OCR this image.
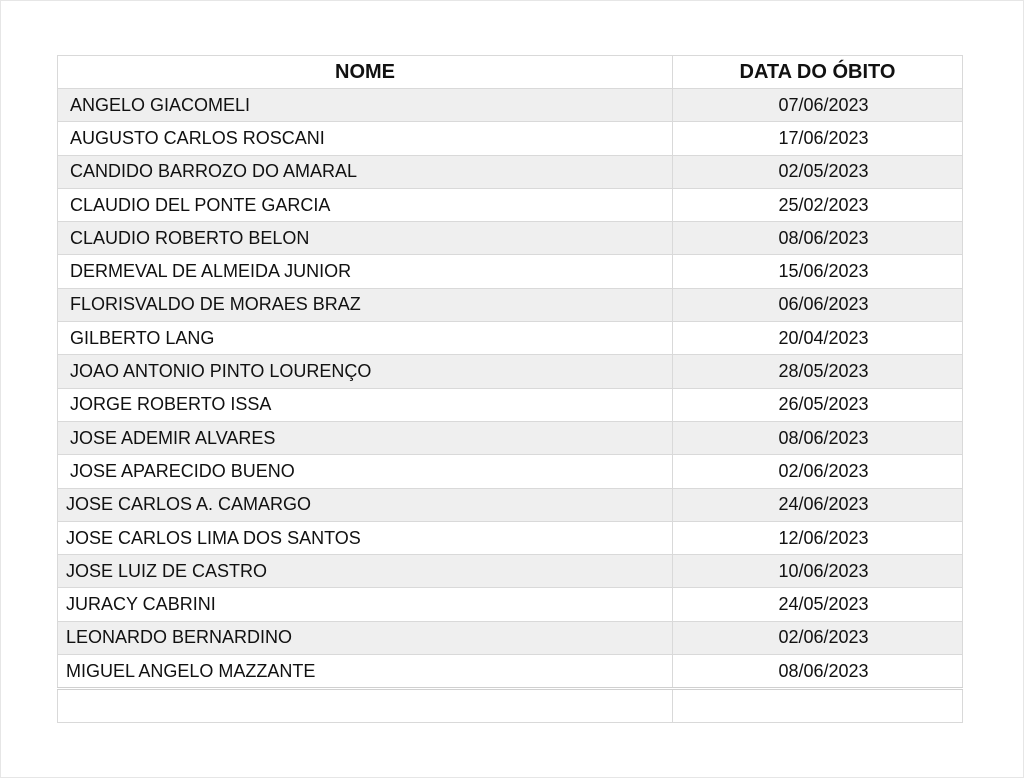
NOME	DATA DO ÓBITO
ANGELO GIACOMELI	07/06/2023
AUGUSTO CARLOS ROSCANI	17/06/2023
CANDIDO BARROZO DO AMARAL	02/05/2023
CLAUDIO DEL PONTE GARCIA	25/02/2023
CLAUDIO ROBERTO BELON	08/06/2023
DERMEVAL DE ALMEIDA JUNIOR	15/06/2023
FLORISVALDO DE MORAES BRAZ	06/06/2023
GILBERTO LANG	20/04/2023
JOAO ANTONIO PINTO LOURENÇO	28/05/2023
JORGE ROBERTO ISSA	26/05/2023
JOSE ADEMIR ALVARES	08/06/2023
JOSE APARECIDO BUENO	02/06/2023
JOSE CARLOS A. CAMARGO	24/06/2023
JOSE CARLOS LIMA DOS SANTOS	12/06/2023
JOSE LUIZ DE CASTRO	10/06/2023
JURACY CABRINI	24/05/2023
LEONARDO BERNARDINO	02/06/2023
MIGUEL ANGELO MAZZANTE	08/06/2023
